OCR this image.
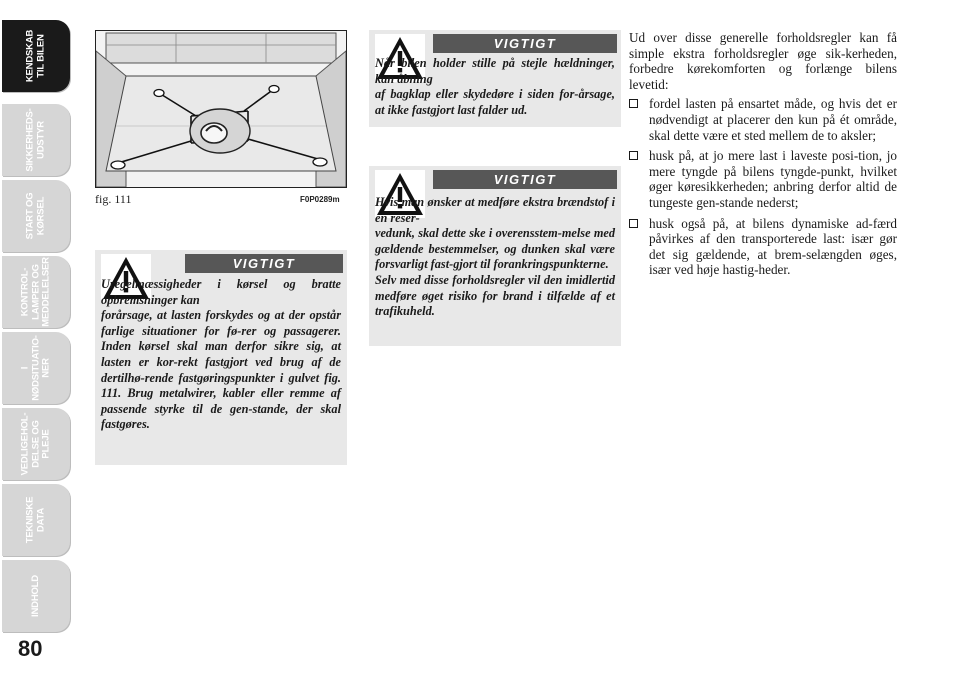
KENDSKAB
TIL BILEN
SIKKERHEDS-
UDSTYR
START OG
KØRSEL
KONTROL-
LAMPER OG
MEDDELELSER
I
NØDSITUATIO-
NER
VEDLIGEHOL-
DELSE OG PLEJE
TEKNISKE
DATA
INDHOLD
80
fig. 111	F0P0289m
VIGTIGT

Uregelmæssigheder i kørsel og bratte opbremsninger kan

forårsage, at lasten forskydes og at der opstår farlige situationer for fø-rer og passagerer. Inden kørsel skal man derfor sikre sig, at lasten er kor-rekt fastgjort ved brug af de dertilhø-rende fastgøringspunkter i gulvet fig. 111. Brug metalwirer, kabler eller remme af passende styrke til de gen-stande, der skal fastgøres.

VIGTIGT

Når bilen holder stille på stejle hældninger, kan åbning

af bagklap eller skydedøre i siden for-årsage, at ikke fastgjort last falder ud.

VIGTIGT

Hvis man ønsker at medføre ekstra brændstof i en reser-

vedunk, skal dette ske i overensstem-melse med gældende bestemmelser, og dunken skal være forsvarligt fast-gjort til forankringspunkterne.

Selv med disse forholdsregler vil den imidlertid medføre øget risiko for brand i tilfælde af et trafikuheld.

Ud over disse generelle forholdsregler kan få simple ekstra forholdsregler øge sik-kerheden, forbedre kørekomforten og forlænge bilens levetid:

fordel lasten på ensartet måde, og hvis det er nødvendigt at placerer den kun på ét område, skal dette være et sted mellem de to aksler;
husk på, at jo mere last i laveste posi-tion, jo mere tyngde på bilens tyngde-punkt, hvilket øger køresikkerheden; anbring derfor altid de tungeste gen-stande nederst;
husk også på, at bilens dynamiske ad-færd påvirkes af den transporterede last: især gør det sig gældende, at brem-selængden øges, især ved høje hastig-heder.
